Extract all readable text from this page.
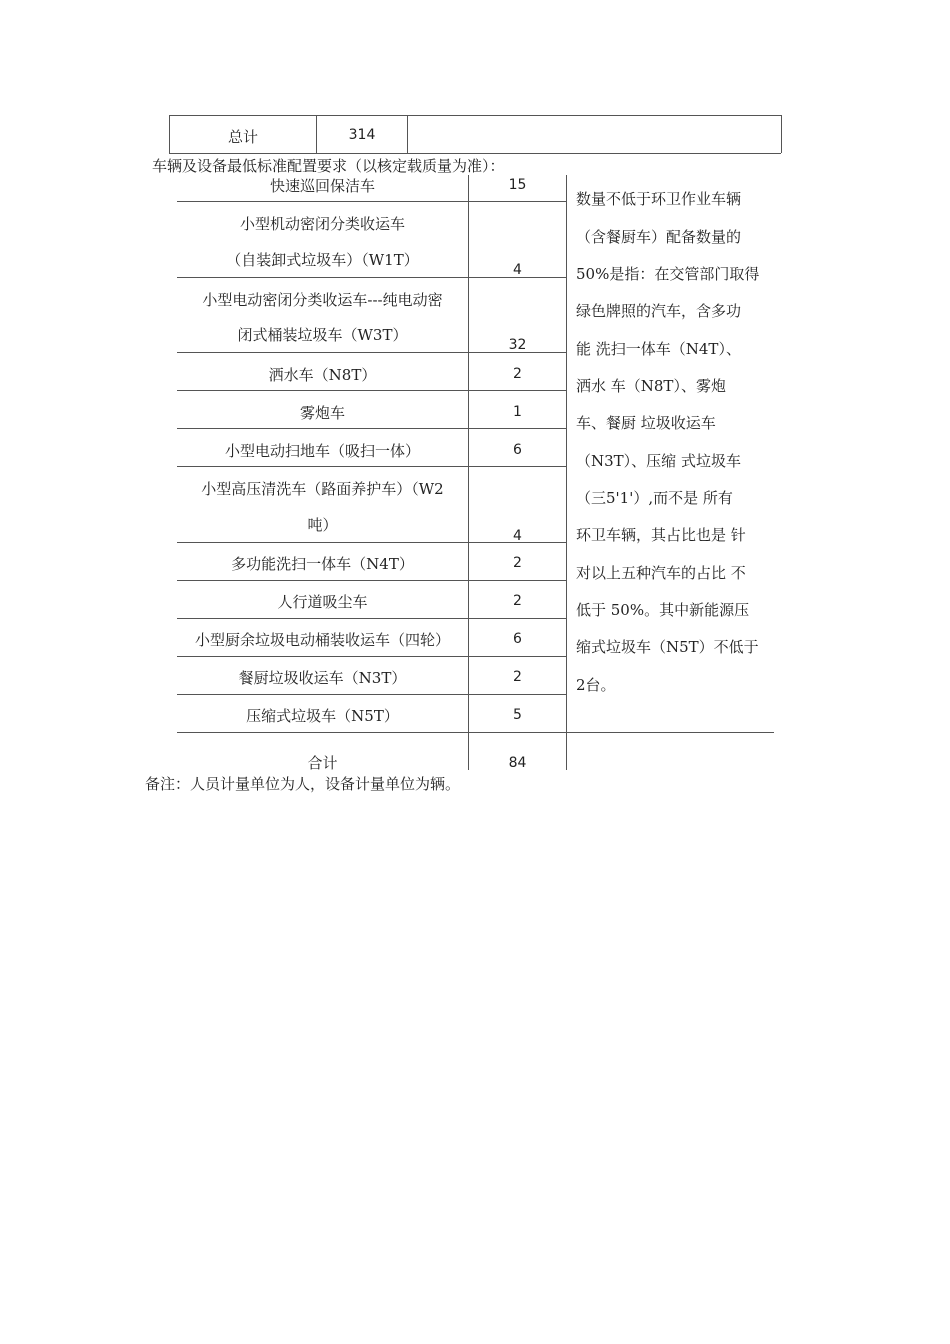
总计	314
车辆及设备最低标准配置要求（以核定载质量为准）：
快速巡回保洁车	15
小型机动密闭分类收运车
（自装卸式垃圾车）（W1T）
4
小型电动密闭分类收运车---纯电动密
闭式桶装垃圾车（W3T）
32
洒水车（N8T）	2
雾炮车	1
小型电动扫地车（吸扫一体）	6
小型高压清洗车（路面养护车）（W2
吨）
4
多功能洗扫一体车（N4T）	2
人行道吸尘车	2
小型厨余垃圾电动桶装收运车（四轮）	6
餐厨垃圾收运车（N3T）	2
压缩式垃圾车（N5T）	5
合计	84
数量不低于环卫作业车辆
（含餐厨车）配备数量的
50%是指：在交管部门取得
绿色牌照的汽车，含多功
能 洗扫一体车（N4T）、
洒水 车（N8T）、雾炮
车、餐厨 垃圾收运车
（N3T）、压缩 式垃圾车
（三5'1'）,而不是 所有
环卫车辆，其占比也是 针
对以上五种汽车的占比 不
低于 50%。其中新能源压
缩式垃圾车（N5T）不低于
2台。
备注：人员计量单位为人，设备计量单位为辆。
